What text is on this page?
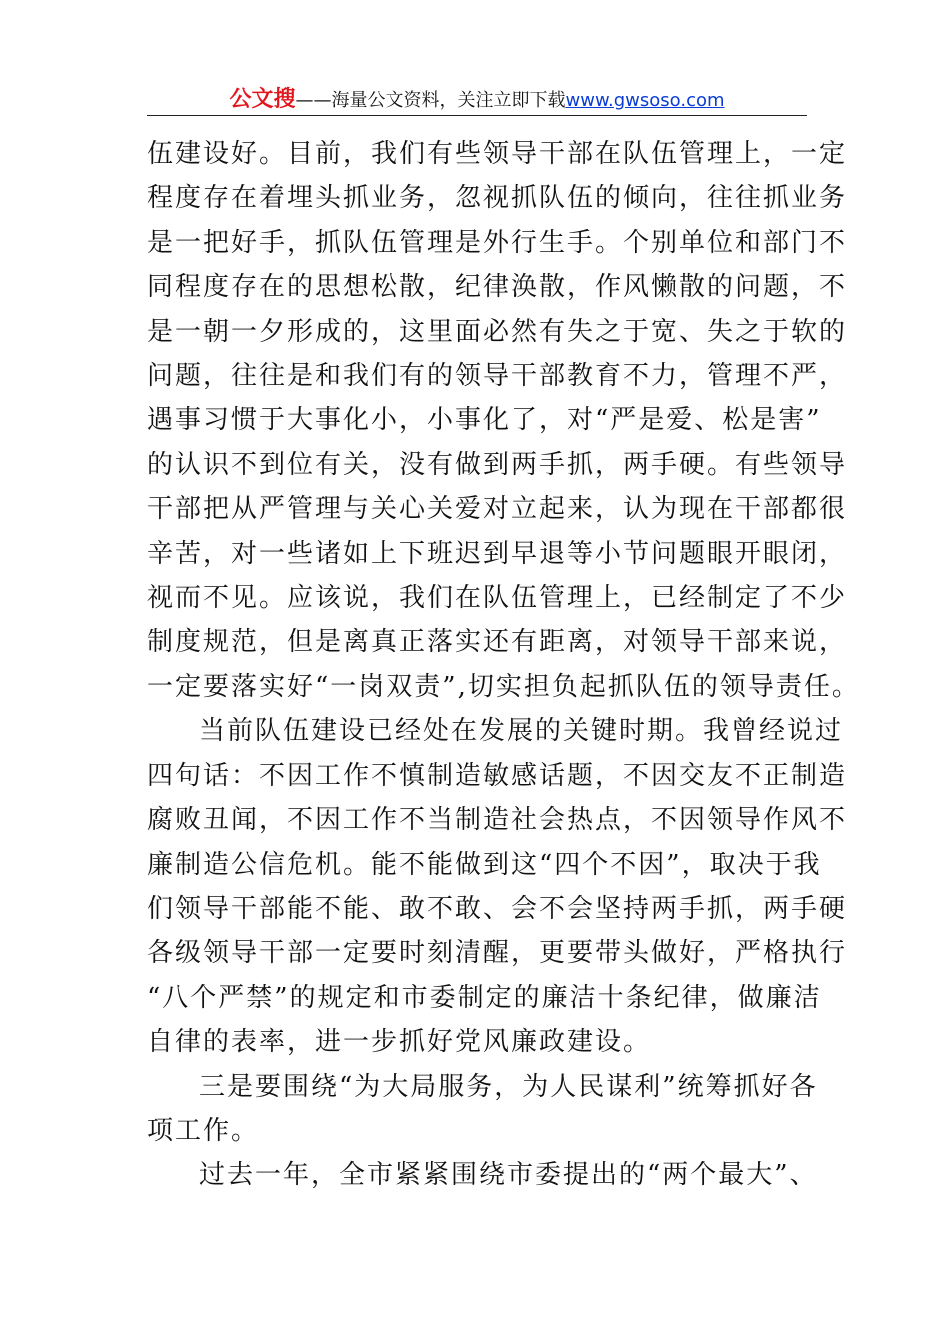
公文搜——海量公文资料，关注立即下载www.gwsoso.com

伍建设好。目前，我们有些领导干部在队伍管理上，一定
程度存在着埋头抓业务，忽视抓队伍的倾向，往往抓业务
是一把好手，抓队伍管理是外行生手。个别单位和部门不
同程度存在的思想松散，纪律涣散，作风懒散的问题，不
是一朝一夕形成的，这里面必然有失之于宽、失之于软的
问题，往往是和我们有的领导干部教育不力，管理不严，
遇事习惯于大事化小，小事化了，对“严是爱、松是害”
的认识不到位有关，没有做到两手抓，两手硬。有些领导
干部把从严管理与关心关爱对立起来，认为现在干部都很
辛苦，对一些诸如上下班迟到早退等小节问题眼开眼闭，
视而不见。应该说，我们在队伍管理上，已经制定了不少
制度规范，但是离真正落实还有距离，对领导干部来说，
一定要落实好“一岗双责”,切实担负起抓队伍的领导责任。

当前队伍建设已经处在发展的关键时期。我曾经说过
四句话：不因工作不慎制造敏感话题，不因交友不正制造
腐败丑闻，不因工作不当制造社会热点，不因领导作风不
廉制造公信危机。能不能做到这“四个不因”，取决于我
们领导干部能不能、敢不敢、会不会坚持两手抓，两手硬
各级领导干部一定要时刻清醒，更要带头做好，严格执行
“八个严禁”的规定和市委制定的廉洁十条纪律，做廉洁
自律的表率，进一步抓好党风廉政建设。

三是要围绕“为大局服务，为人民谋利”统筹抓好各
项工作。

过去一年，全市紧紧围绕市委提出的“两个最大”、
